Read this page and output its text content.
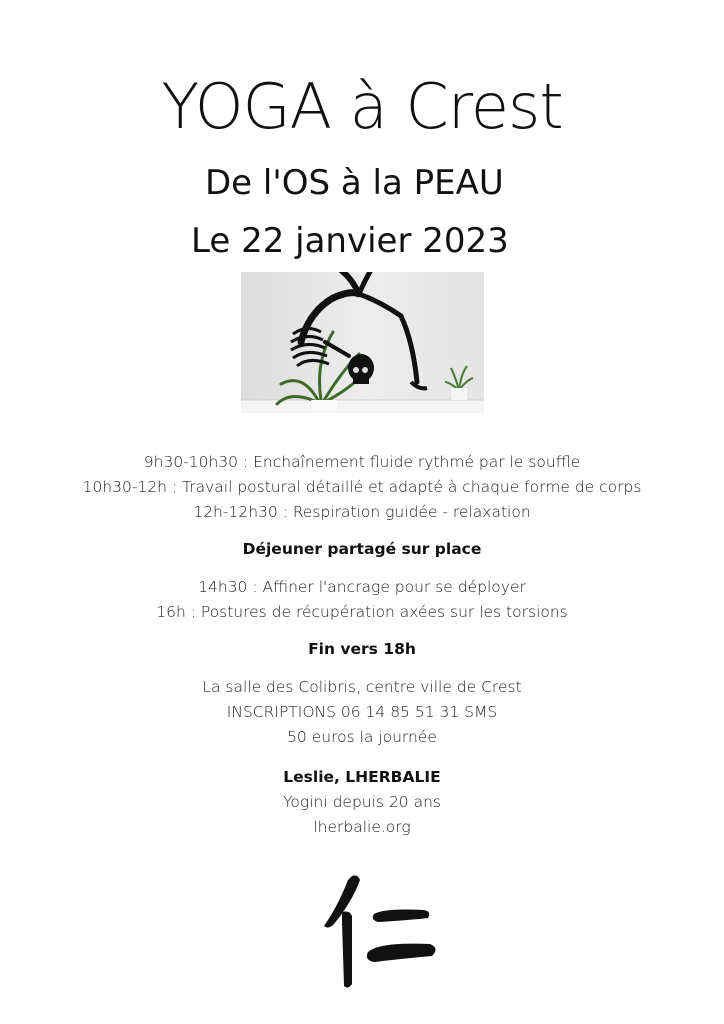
YOGA à Crest
De l'OS à la PEAU
Le 22 janvier 2023
9h30-10h30 : Enchaînement fluide rythmé par le souffle
10h30-12h : Travail postural détaillé et adapté à chaque forme de corps
12h-12h30 : Respiration guidée - relaxation
Déjeuner partagé sur place
14h30 : Affiner l'ancrage pour se déployer
16h : Postures de récupération axées sur les torsions
Fin vers 18h
La salle des Colibris, centre ville de Crest
INSCRIPTIONS 06 14 85 51 31 SMS
50 euros la journée
Leslie, LHERBALIE
Yogini depuis 20 ans
lherbalie.org
